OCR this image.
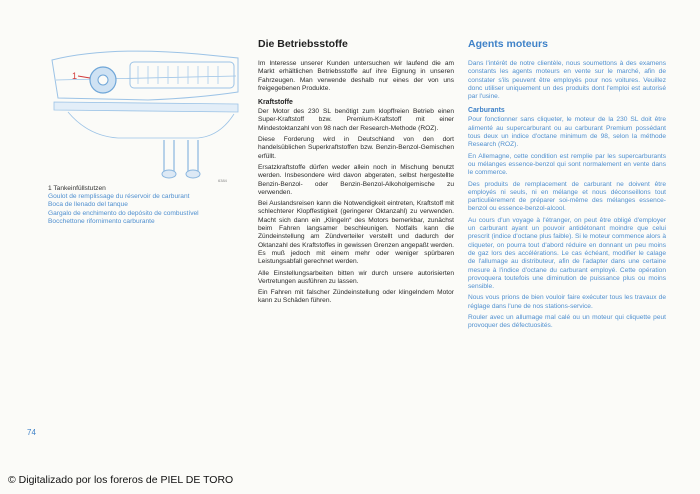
1
6384
1 Tankeinfüllstutzen
Goulot de remplissage du réservoir de carburant
Boca de llenado del tanque
Gargalo de enchimento do depósito de combustível
Bocchettone rifornimento carburante
Die Betriebsstoffe

Im Interesse unserer Kunden untersuchen wir laufend die am Markt erhältlichen Betriebsstoffe auf ihre Eignung in unseren Fahrzeugen. Man verwende deshalb nur eines der von uns freigegebenen Produkte.

Kraftstoffe

Der Motor des 230 SL benötigt zum klopffreien Betrieb einen Super-Kraftstoff bzw. Premium-Kraftstoff mit einer Mindestoktanzahl von 98 nach der Research-Methode (ROZ).

Diese Forderung wird in Deutschland von den dort handelsüblichen Superkraftstoffen bzw. Benzin-Benzol-Gemischen erfüllt.

Ersatzkraftstoffe dürfen weder allein noch in Mischung benutzt werden. Insbesondere wird davon abgeraten, selbst hergestellte Benzin-Benzol- oder Benzin-Benzol-Alkoholgemische zu verwenden.

Bei Auslandsreisen kann die Notwendigkeit eintreten, Kraftstoff mit schlechterer Klopffestigkeit (geringerer Oktanzahl) zu verwenden. Macht sich dann ein „Klingeln“ des Motors bemerkbar, zunächst beim Fahren langsamer beschleunigen. Notfalls kann die Zündeinstellung am Zündverteiler verstellt und dadurch der Oktanzahl des Kraftstoffes in gewissen Grenzen angepaßt werden. Es muß jedoch mit einem mehr oder weniger spürbaren Leistungsabfall gerechnet werden.

Alle Einstellungsarbeiten bitten wir durch unsere autorisierten Vertretungen ausführen zu lassen.

Ein Fahren mit falscher Zündeinstellung oder klingelndem Motor kann zu Schäden führen.

Agents moteurs

Dans l'intérêt de notre clientèle, nous soumettons à des examens constants les agents moteurs en vente sur le marché, afin de constater s'ils peuvent être employés pour nos voitures. Veuillez donc utiliser uniquement un des produits dont l'emploi est autorisé par l'usine.

Carburants

Pour fonctionner sans cliqueter, le moteur de la 230 SL doit être alimenté au supercarburant ou au carburant Premium possédant tous deux un indice d'octane minimum de 98, selon la méthode Research (ROZ).

En Allemagne, cette condition est remplie par les supercarburants ou mélanges essence-benzol qui sont normalement en vente dans le commerce.

Des produits de remplacement de carburant ne doivent être employés ni seuls, ni en mélange et nous déconseillons tout particulièrement de préparer soi-même des mélanges essence-benzol ou essence-benzol-alcool.

Au cours d'un voyage à l'étranger, on peut être obligé d'employer un carburant ayant un pouvoir antidétonant moindre que celui prescrit (indice d'octane plus faible). Si le moteur commence alors à cliqueter, on pourra tout d'abord réduire en donnant un peu moins de gaz lors des accélérations. Le cas échéant, modifier le calage de l'allumage au distributeur, afin de l'adapter dans une certaine mesure à l'indice d'octane du carburant employé. Cette opération provoquera toutefois une diminution de puissance plus ou moins sensible.

Nous vous prions de bien vouloir faire exécuter tous les travaux de réglage dans l'une de nos stations-service.

Rouler avec un allumage mal calé ou un moteur qui cliquette peut provoquer des défectuosités.

74
© Digitalizado por los foreros de PIEL DE TORO
